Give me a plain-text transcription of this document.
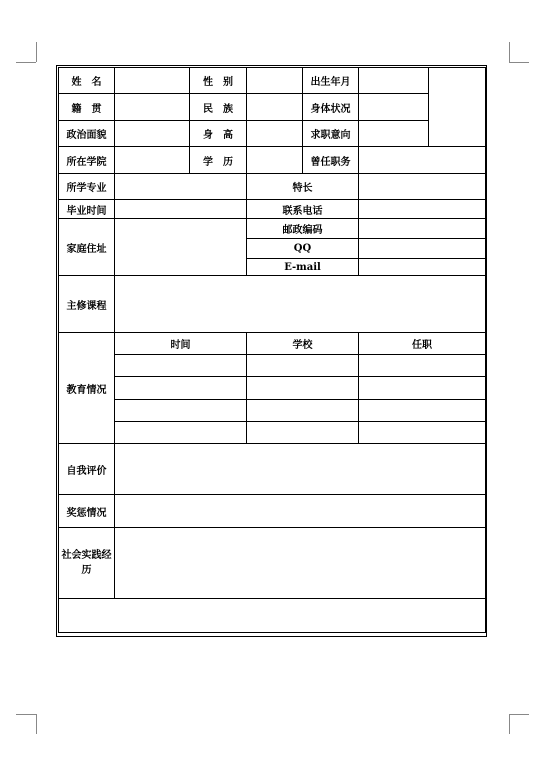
姓　名		性　别		出生年月		
籍　贯		民　族		身体状况		
政治面貌		身　高		求职意向		
所在学院		学　历		曾任职务		
所学专业			特长			
毕业时间			联系电话			
家庭住址			邮政编码			
			QQ			
			E-mail			
主修课程						
教育情况	时间		学校		任职	

自我评价						
奖惩情况						
社会实践经历						
